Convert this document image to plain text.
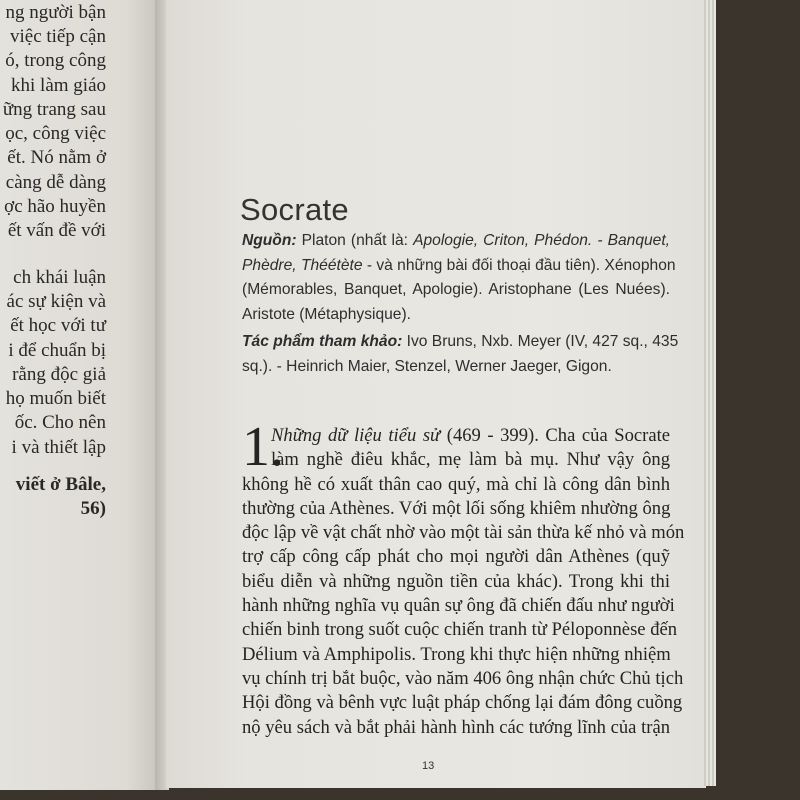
ng người bận
việc tiếp cận
ó, trong công
khi làm giáo
ững trang sau
ọc, công việc
ết. Nó nằm ở
càng dễ dàng
ợc hão huyền
ết vấn đề với
ch khái luận
ác sự kiện và
ết học với tư
i để chuẩn bị
rằng độc giả
họ muốn biết
ốc. Cho nên
i và thiết lập
viết ở Bâle,
56)
Socrate
Nguồn: Platon (nhất là: Apologie, Criton, Phédon. - Banquet,
Phèdre, Théétète - và những bài đối thoại đầu tiên). Xénophon
(Mémorables, Banquet, Apologie). Aristophane (Les Nuées).
Aristote (Métaphysique).
Tác phẩm tham khảo: Ivo Bruns, Nxb. Meyer (IV, 427 sq., 435
sq.). - Heinrich Maier, Stenzel, Werner Jaeger, Gigon.
1.
Những dữ liệu tiểu sử (469 - 399). Cha của Socrate
làm nghề điêu khắc, mẹ làm bà mụ. Như vậy ông
không hề có xuất thân cao quý, mà chỉ là công dân bình
thường của Athènes. Với một lối sống khiêm nhường ông
độc lập về vật chất nhờ vào một tài sản thừa kế nhỏ và món
trợ cấp công cấp phát cho mọi người dân Athènes (quỹ
biểu diễn và những nguồn tiền của khác). Trong khi thi
hành những nghĩa vụ quân sự ông đã chiến đấu như người
chiến binh trong suốt cuộc chiến tranh từ Péloponnèse đến
Délium và Amphipolis. Trong khi thực hiện những nhiệm
vụ chính trị bắt buộc, vào năm 406 ông nhận chức Chủ tịch
Hội đồng và bênh vực luật pháp chống lại đám đông cuồng
nộ yêu sách và bắt phải hành hình các tướng lĩnh của trận
13
